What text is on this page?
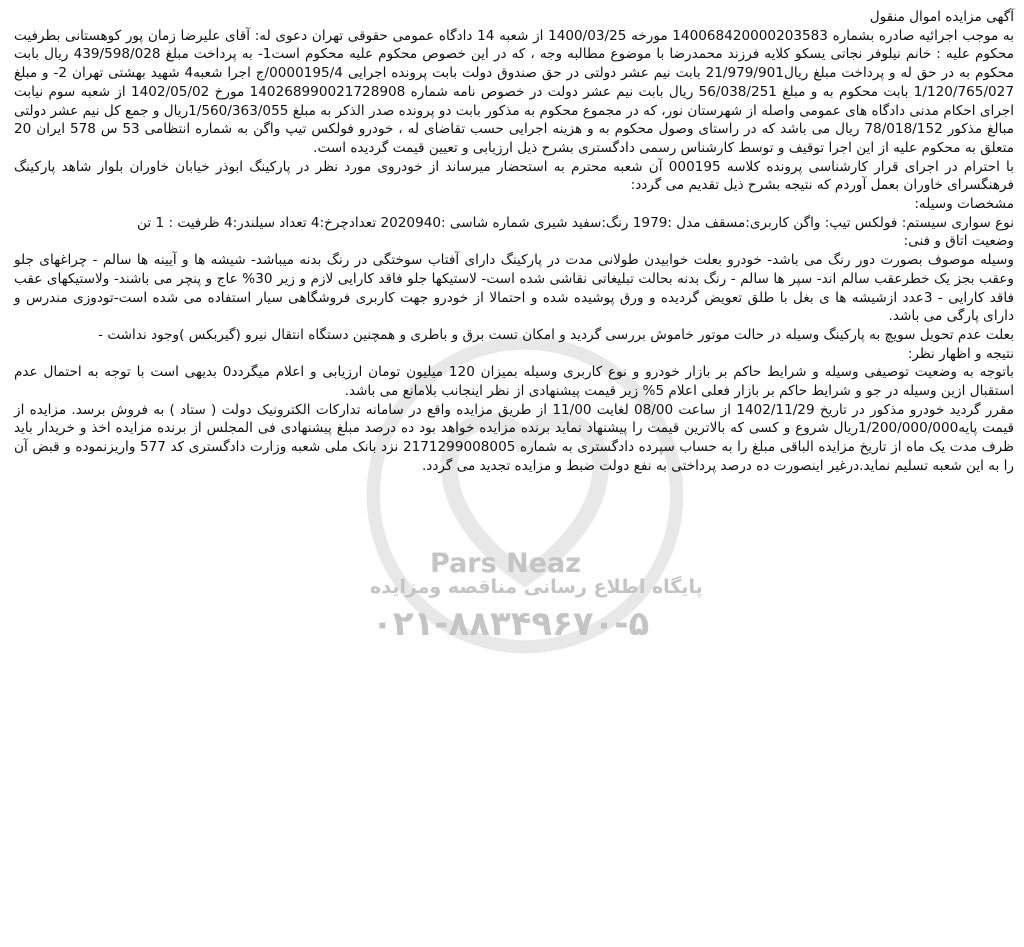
Pars Neaz
پایگاه اطلاع رسانی مناقصه ومزایده
۰۲۱-۸۸۳۴۹۶۷۰-۵

آگهی مزایده اموال منقول

به موجب اجرائیه صادره بشماره 140068420000203583 مورخه 1400/03/25 از شعبه 14 دادگاه عمومی حقوقی تهران دعوی له: آقای علیرضا زمان پور کوهستانی بطرفیت محکوم علیه : خانم نیلوفر نجاتی یسکو کلایه فرزند محمدرضا با موضوع مطالبه وجه ، که در این خصوص محکوم علیه محکوم است1- به پرداخت مبلغ 439/598/028 ریال بابت محکوم به در حق له و پرداخت مبلغ ریال21/979/901 بابت نیم عشر دولتی در حق صندوق دولت بابت پرونده اجرایی 0000195/4/ج اجرا شعبه4 شهید بهشتی تهران 2- و مبلغ 1/120/765/027 بابت محکوم به و مبلغ 56/038/251 ریال بابت نیم عشر دولت در خصوص نامه شماره 140268990021728908 مورخ 1402/05/02 از شعبه سوم نیابت اجرای احکام مدنی دادگاه های عمومی واصله از شهرستان نور، که در مجموع محکوم به مذکور بابت دو پرونده صدر الذکر به مبلغ 1/560/363/055ریال و جمع کل نیم عشر دولتی مبالغ مذکور 78/018/152 ریال می باشد که در راستای وصول محکوم به و هزینه اجرایی حسب تقاضای له ، خودرو فولکس تیپ واگن به شماره انتظامی 53 س 578 ایران 20 متعلق به محکوم علیه از این اجرا توقیف و توسط کارشناس رسمی دادگستری بشرح ذیل ارزیابی و تعیین قیمت گردیده است.

با احترام در اجرای قرار کارشناسی پرونده کلاسه 000195 آن شعبه محترم به استحضار میرساند از خودروی مورد نظر در پارکینگ ابوذر خیابان خاوران بلوار شاهد پارکینگ فرهنگسرای خاوران بعمل آوردم که نتیجه بشرح ذیل تقدیم می گردد:

مشخصات وسیله:

نوع سواری سیستم: فولکس تیپ: واگن کاربری:مسقف مدل :1979 رنگ:سفید شیری شماره شاسی :2020940 تعدادچرخ:4 تعداد سیلندر:4 ظرفیت : 1 تن

وضعیت اتاق و فنی:

وسیله موصوف بصورت دور رنگ می باشد- خودرو بعلت خوابیدن طولانی مدت در پارکینگ دارای آفتاب سوختگی در رنگ بدنه میباشد- شیشه ها و آیینه ها سالم - چراغهای جلو وعقب بجز یک خطرعقب سالم اند- سپر ها سالم - رنگ بدنه بحالت تبلیغاتی نقاشی شده است- لاستیکها جلو فاقد کارایی لازم و زیر 30% عاج و پنچر می باشند- ولاستیکهای عقب فاقد کارایی - 3عدد ازشیشه ها ی بغل با طلق تعویض گردیده و ورق پوشیده شده و احتمالا از خودرو جهت کاربری فروشگاهی سیار استفاده می شده است-تودوزی مندرس و دارای پارگی می باشد.

بعلت عدم تحویل سویچ به پارکینگ وسیله در حالت موتور خاموش بررسی گردید و امکان تست برق و باطری و همچنین دستگاه انتقال نیرو (گیربکس )وجود نداشت -

نتیجه و اظهار نظر:

باتوجه به وضعیت توصیفی وسیله و شرایط حاکم بر بازار خودرو و نوع کاربری وسیله بمیزان 120 میلیون تومان ارزیابی و اعلام میگردد0 بدیهی است با توجه به احتمال عدم استقبال ازین وسیله در جو و شرایط حاکم بر بازار فعلی اعلام 5% زیر قیمت پیشنهادی از نظر اینجانب بلامانع می باشد.

مقرر گردید خودرو مذکور در تاریخ 1402/11/29 از ساعت 08/00 لغایت 11/00 از طریق مزایده واقع در سامانه تدارکات الکترونیک دولت ( ستاد ) به فروش برسد. مزایده از قیمت پایه1/200/000/000ریال شروع و کسی که بالاترین قیمت را پیشنهاد نماید برنده مزایده خواهد بود ده درصد مبلغ پیشنهادی فی المجلس از برنده مزایده اخذ و خریدار باید ظرف مدت یک ماه از تاریخ مزایده الباقی مبلغ را به حساب سپرده دادگستری به شماره 2171299008005 نزد بانک ملی شعبه وزارت دادگستری کد 577 واریزنموده و قبض آن را به این شعبه تسلیم نماید.درغیر اینصورت ده درصد پرداختی به نفع دولت ضبط و مزایده تجدید می گردد.
